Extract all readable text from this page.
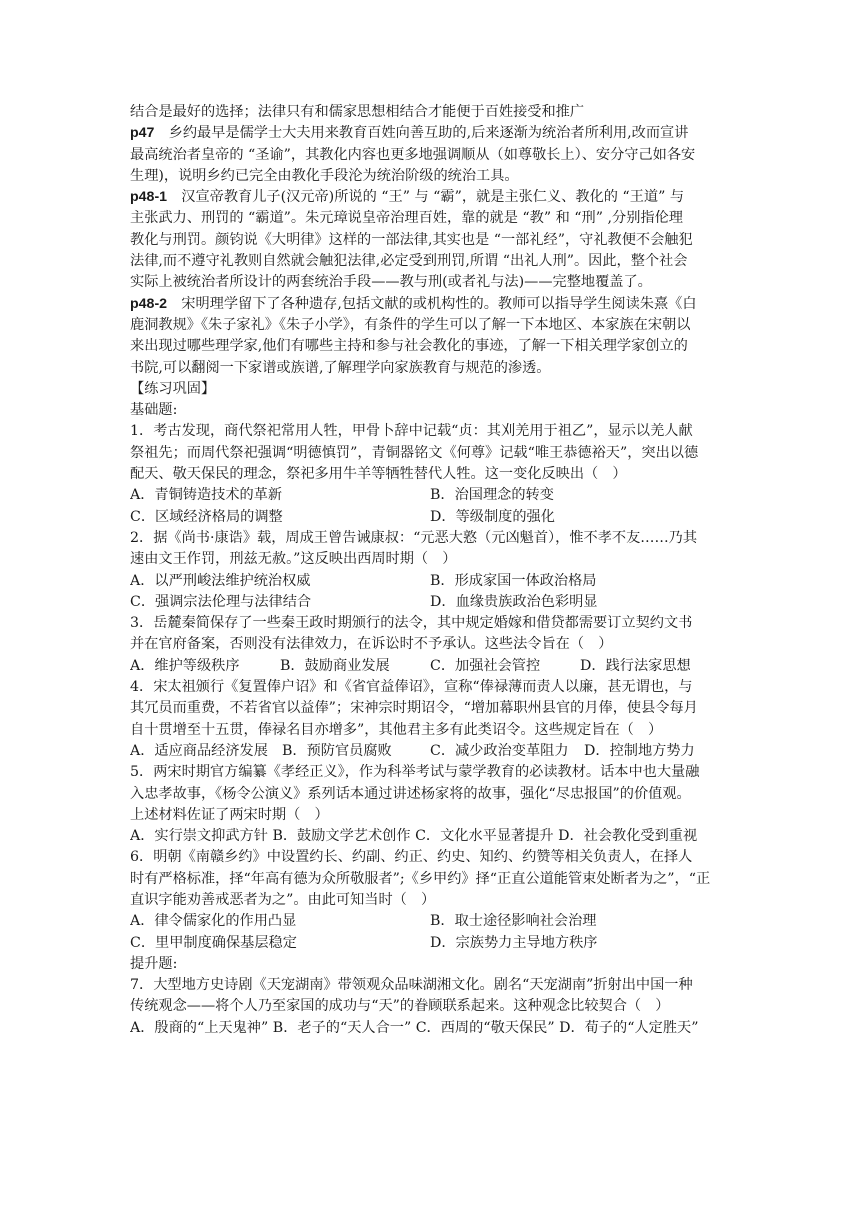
结合是最好的选择；法律只有和儒家思想相结合才能便于百姓接受和推广
p47　乡约最早是儒学士大夫用来教育百姓向善互助的,后来逐渐为统治者所利用,改而宣讲
最高统治者皇帝的 “圣谕”，其教化内容也更多地强调顺从（如尊敬长上）、安分守己如各安
生理)，说明乡约已完全由教化手段沦为统治阶级的统治工具。
p48-1　汉宣帝教育儿子(汉元帝)所说的 “王” 与 “霸”，就是主张仁义、教化的 “王道” 与
主张武力、刑罚的 “霸道”。朱元璋说皇帝治理百姓，靠的就是 “教” 和 “刑” ,分别指伦理
教化与刑罚。颜钧说《大明律》这样的一部法律,其实也是 “一部礼经”，守礼教便不会触犯
法律,而不遵守礼教则自然就会触犯法律,必定受到刑罚,所谓 “出礼人刑”。因此，整个社会
实际上被统治者所设计的两套统治手段——教与刑(或者礼与法)——完整地覆盖了。
p48-2　宋明理学留下了各种遗存,包括文献的或机构性的。教师可以指导学生阅读朱熹《白
鹿洞教规》《朱子家礼》《朱子小学》，有条件的学生可以了解一下本地区、本家族在宋朝以
来出现过哪些理学家,他们有哪些主持和参与社会教化的事迹，了解一下相关理学家创立的
书院,可以翻阅一下家谱或族谱,了解理学向家族教育与规范的渗透。
【练习巩固】
基础题:
1．考古发现，商代祭祀常用人牲，甲骨卜辞中记载“贞：其刈羌用于祖乙”，显示以羌人献
祭祖先；而周代祭祀强调“明德慎罚”，青铜器铭文《何尊》记载“唯王恭德裕天”，突出以德
配天、敬天保民的理念，祭祀多用牛羊等牺牲替代人牲。这一变化反映出（　）
A．青铜铸造技术的革新	B．治国理念的转变
C．区域经济格局的调整	D．等级制度的强化
2．据《尚书·康诰》载，周成王曾告诫康叔：“元恶大憝（元凶魁首），惟不孝不友……乃其
速由文王作罚，刑兹无赦。”这反映出西周时期（　）
A．以严刑峻法维护统治权威	B．形成家国一体政治格局
C．强调宗法伦理与法律结合	D．血缘贵族政治色彩明显
3．岳麓秦简保存了一些秦王政时期颁行的法令，其中规定婚嫁和借贷都需要订立契约文书
并在官府备案，否则没有法律效力，在诉讼时不予承认。这些法令旨在（　）
A．维护等级秩序	B．鼓励商业发展	C．加强社会管控	D．践行法家思想
4．宋太祖颁行《复置俸户诏》和《省官益俸诏》，宣称“俸禄薄而责人以廉，甚无谓也，与
其冗员而重费，不若省官以益俸”；宋神宗时期诏令，“增加幕职州县官的月俸，使县令每月
自十贯增至十五贯，俸禄名目亦增多”，其他君主多有此类诏令。这些规定旨在（　）
A．适应商品经济发展 B．预防官员腐败	C．减少政治变革阻力	D．控制地方势力
5．两宋时期官方编纂《孝经正义》，作为科举考试与蒙学教育的必读教材。话本中也大量融
入忠孝故事，《杨令公演义》系列话本通过讲述杨家将的故事，强化“尽忠报国”的价值观。
上述材料佐证了两宋时期（　）
A．实行崇文抑武方针 B．鼓励文学艺术创作 C．文化水平显著提升 D．社会教化受到重视
6．明朝《南赣乡约》中设置约长、约副、约正、约史、知约、约赞等相关负责人，在择人
时有严格标准，择“年高有德为众所敬服者”;《乡甲约》择“正直公道能管束处断者为之”，“正
直识字能劝善戒恶者为之”。由此可知当时（　）
A．律令儒家化的作用凸显	B．取士途径影响社会治理
C．里甲制度确保基层稳定	D．宗族势力主导地方秩序
提升题:
7．大型地方史诗剧《天宠湖南》带领观众品味湖湘文化。剧名“天宠湖南”折射出中国一种
传统观念——将个人乃至家国的成功与“天”的眷顾联系起来。这种观念比较契合（　）
A．殷商的“上天鬼神” B．老子的“天人合一” C．西周的“敬天保民” D．荀子的“人定胜天”
